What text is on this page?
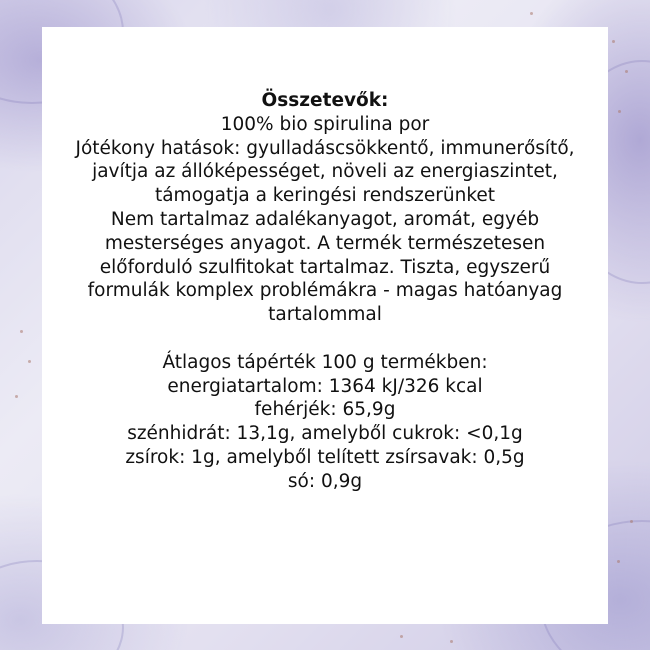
Összetevők:

100% bio spirulina por

Jótékony hatások: gyulladáscsökkentő, immunerősítő,

javítja az állóképességet, növeli az energiaszintet,

támogatja a keringési rendszerünket

Nem tartalmaz adalékanyagot, aromát, egyéb

mesterséges anyagot. A termék természetesen

előforduló szulfitokat tartalmaz. Tiszta, egyszerű

formulák komplex problémákra - magas hatóanyag

tartalommal

Átlagos tápérték 100 g termékben:

energiatartalom: 1364 kJ/326 kcal

fehérjék: 65,9g

szénhidrát: 13,1g, amelyből cukrok: <0,1g

zsírok: 1g, amelyből telített zsírsavak: 0,5g

só: 0,9g
